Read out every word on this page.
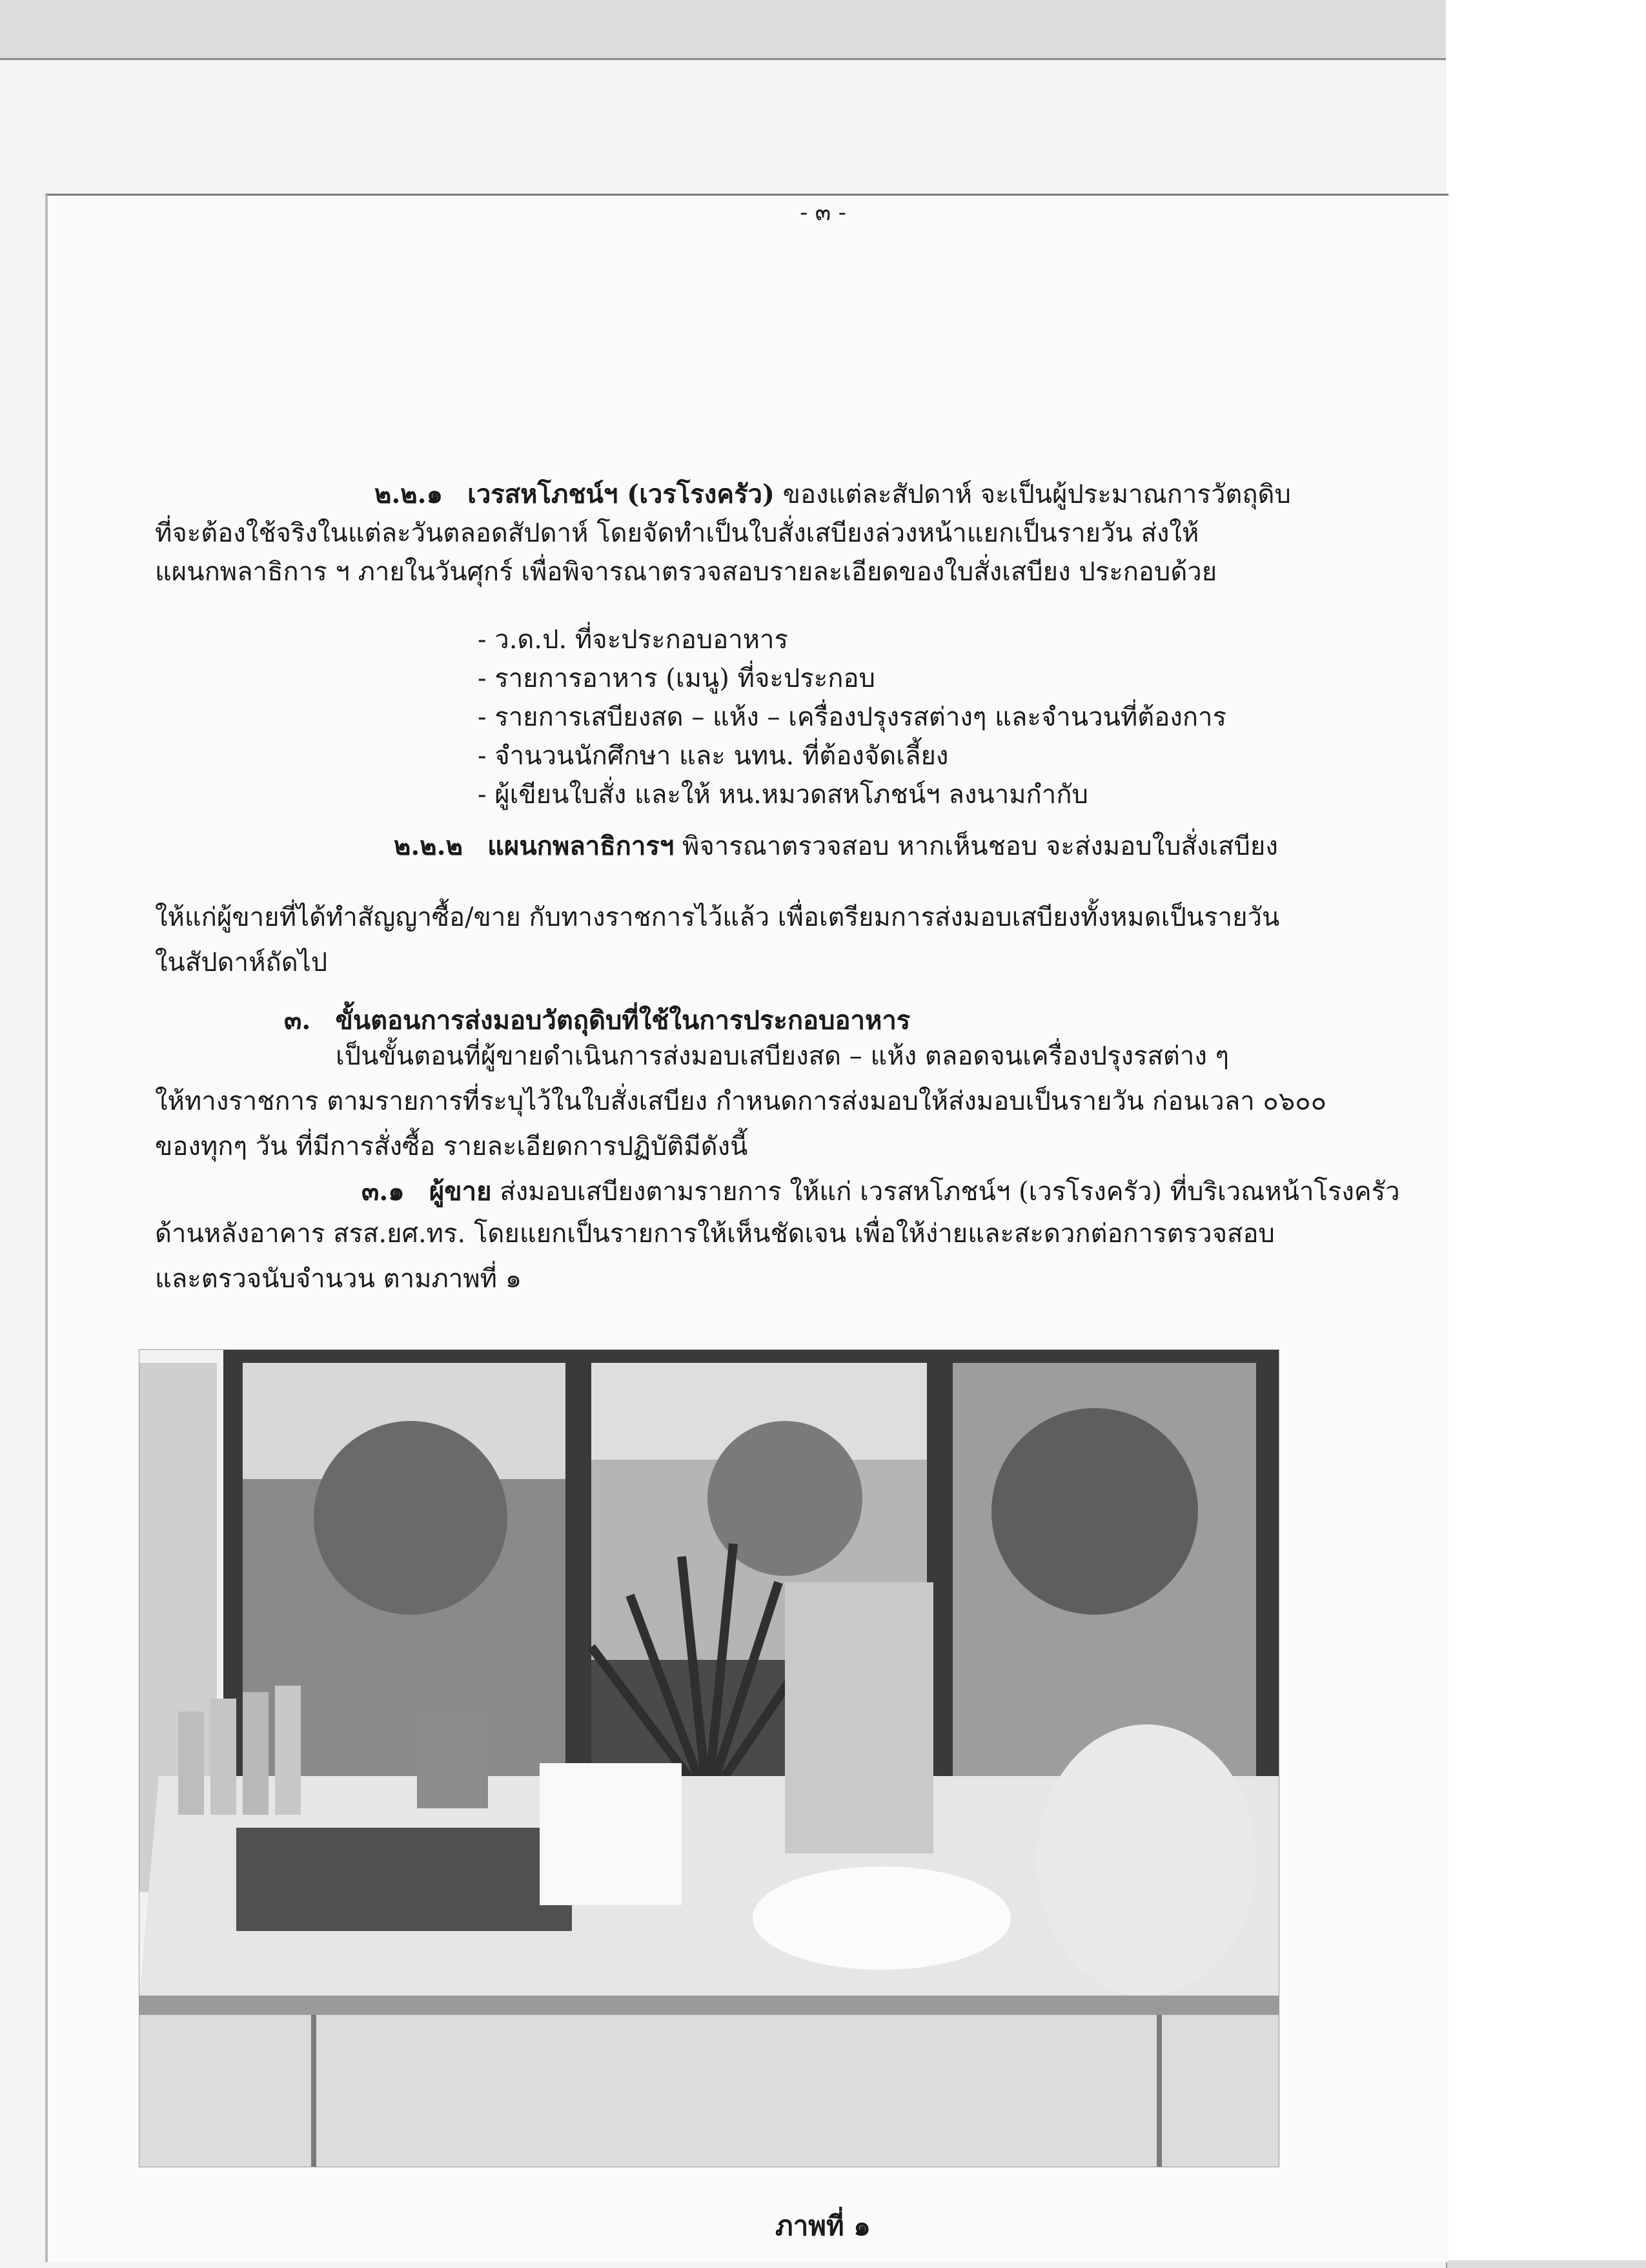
- ๓ -

๒.๒.๑ เวรสหโภชน์ฯ (เวรโรงครัว) ของแต่ละสัปดาห์ จะเป็นผู้ประมาณการวัตถุดิบ

ที่จะต้องใช้จริงในแต่ละวันตลอดสัปดาห์ โดยจัดทำเป็นใบสั่งเสบียงล่วงหน้าแยกเป็นรายวัน ส่งให้

แผนกพลาธิการ ฯ ภายในวันศุกร์ เพื่อพิจารณาตรวจสอบรายละเอียดของใบสั่งเสบียง ประกอบด้วย

- ว.ด.ป. ที่จะประกอบอาหาร

- รายการอาหาร (เมนู) ที่จะประกอบ

- รายการเสบียงสด – แห้ง – เครื่องปรุงรสต่างๆ และจำนวนที่ต้องการ

- จำนวนนักศึกษา และ นทน. ที่ต้องจัดเลี้ยง

- ผู้เขียนใบสั่ง และให้ หน.หมวดสหโภชน์ฯ ลงนามกำกับ

๒.๒.๒ แผนกพลาธิการฯ พิจารณาตรวจสอบ หากเห็นชอบ จะส่งมอบใบสั่งเสบียง

ให้แก่ผู้ขายที่ได้ทำสัญญาซื้อ/ขาย กับทางราชการไว้แล้ว เพื่อเตรียมการส่งมอบเสบียงทั้งหมดเป็นรายวัน

ในสัปดาห์ถัดไป

๓. ขั้นตอนการส่งมอบวัตถุดิบที่ใช้ในการประกอบอาหาร

เป็นขั้นตอนที่ผู้ขายดำเนินการส่งมอบเสบียงสด – แห้ง ตลอดจนเครื่องปรุงรสต่าง ๆ

ให้ทางราชการ ตามรายการที่ระบุไว้ในใบสั่งเสบียง กำหนดการส่งมอบให้ส่งมอบเป็นรายวัน ก่อนเวลา ๐๖๐๐

ของทุกๆ วัน ที่มีการสั่งซื้อ รายละเอียดการปฏิบัติมีดังนี้

๓.๑ ผู้ขาย ส่งมอบเสบียงตามรายการ ให้แก่ เวรสหโภชน์ฯ (เวรโรงครัว) ที่บริเวณหน้าโรงครัว

ด้านหลังอาคาร สรส.ยศ.ทร. โดยแยกเป็นรายการให้เห็นชัดเจน เพื่อให้ง่ายและสะดวกต่อการตรวจสอบ

และตรวจนับจำนวน ตามภาพที่ ๑

ภาพที่ ๑
